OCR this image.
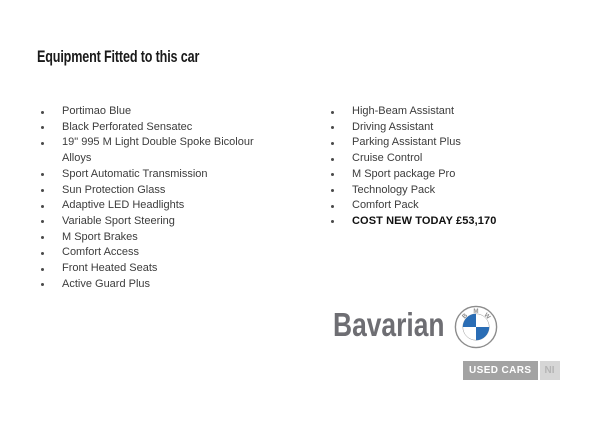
Equipment Fitted to this car
Portimao Blue
Black Perforated Sensatec
19" 995 M Light Double Spoke Bicolour Alloys
Sport Automatic Transmission
Sun Protection Glass
Adaptive LED Headlights
Variable Sport Steering
M Sport Brakes
Comfort Access
Front Heated Seats
Active Guard Plus
High-Beam Assistant
Driving Assistant
Parking Assistant Plus
Cruise Control
M Sport package Pro
Technology Pack
Comfort Pack
COST NEW TODAY £53,170
Bavarian	B
M
W
USED CARS	NI
